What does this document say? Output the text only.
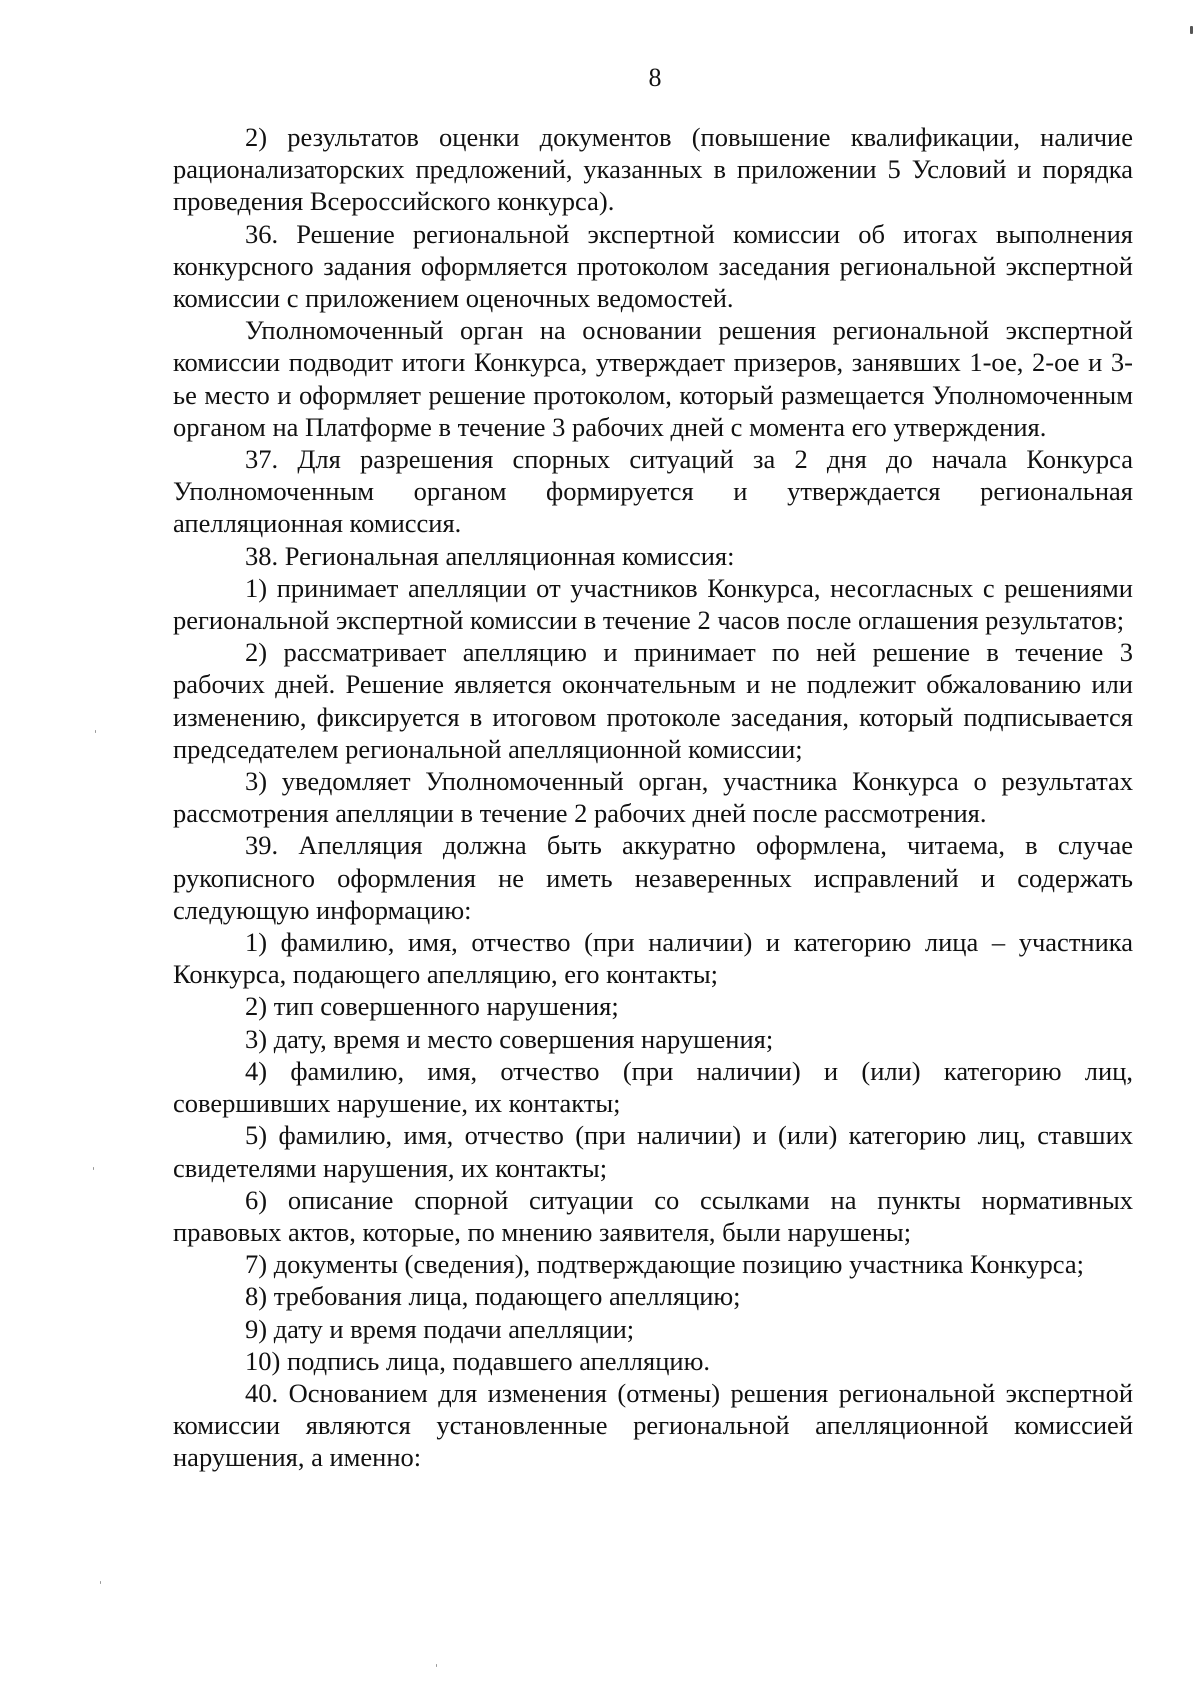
8

2) результатов оценки документов (повышение квалификации, наличие рационализаторских предложений, указанных в приложении 5 Условий и порядка проведения Всероссийского конкурса).

36. Решение региональной экспертной комиссии об итогах выполнения конкурсного задания оформляется протоколом заседания региональной экспертной комиссии с приложением оценочных ведомостей.

Уполномоченный орган на основании решения региональной экспертной комиссии подводит итоги Конкурса, утверждает призеров, занявших 1-ое, 2-ое и 3-ье место и оформляет решение протоколом, который размещается Уполномоченным органом на Платформе в течение 3 рабочих дней с момента его утверждения.

37. Для разрешения спорных ситуаций за 2 дня до начала Конкурса Уполномоченным органом формируется и утверждается региональная апелляционная комиссия.

38. Региональная апелляционная комиссия:

1) принимает апелляции от участников Конкурса, несогласных с решениями региональной экспертной комиссии в течение 2 часов после оглашения результатов;

2) рассматривает апелляцию и принимает по ней решение в течение 3 рабочих дней. Решение является окончательным и не подлежит обжалованию или изменению, фиксируется в итоговом протоколе заседания, который подписывается председателем региональной апелляционной комиссии;

3) уведомляет Уполномоченный орган, участника Конкурса о результатах рассмотрения апелляции в течение 2 рабочих дней после рассмотрения.

39. Апелляция должна быть аккуратно оформлена, читаема, в случае рукописного оформления не иметь незаверенных исправлений и содержать следующую информацию:

1) фамилию, имя, отчество (при наличии) и категорию лица – участника Конкурса, подающего апелляцию, его контакты;

2) тип совершенного нарушения;

3) дату, время и место совершения нарушения;

4) фамилию, имя, отчество (при наличии) и (или) категорию лиц, совершивших нарушение, их контакты;

5) фамилию, имя, отчество (при наличии) и (или) категорию лиц, ставших свидетелями нарушения, их контакты;

6) описание спорной ситуации со ссылками на пункты нормативных правовых актов, которые, по мнению заявителя, были нарушены;

7) документы (сведения), подтверждающие позицию участника Конкурса;

8) требования лица, подающего апелляцию;

9) дату и время подачи апелляции;

10) подпись лица, подавшего апелляцию.

40. Основанием для изменения (отмены) решения региональной экспертной комиссии являются установленные региональной апелляционной комиссией нарушения, а именно:
